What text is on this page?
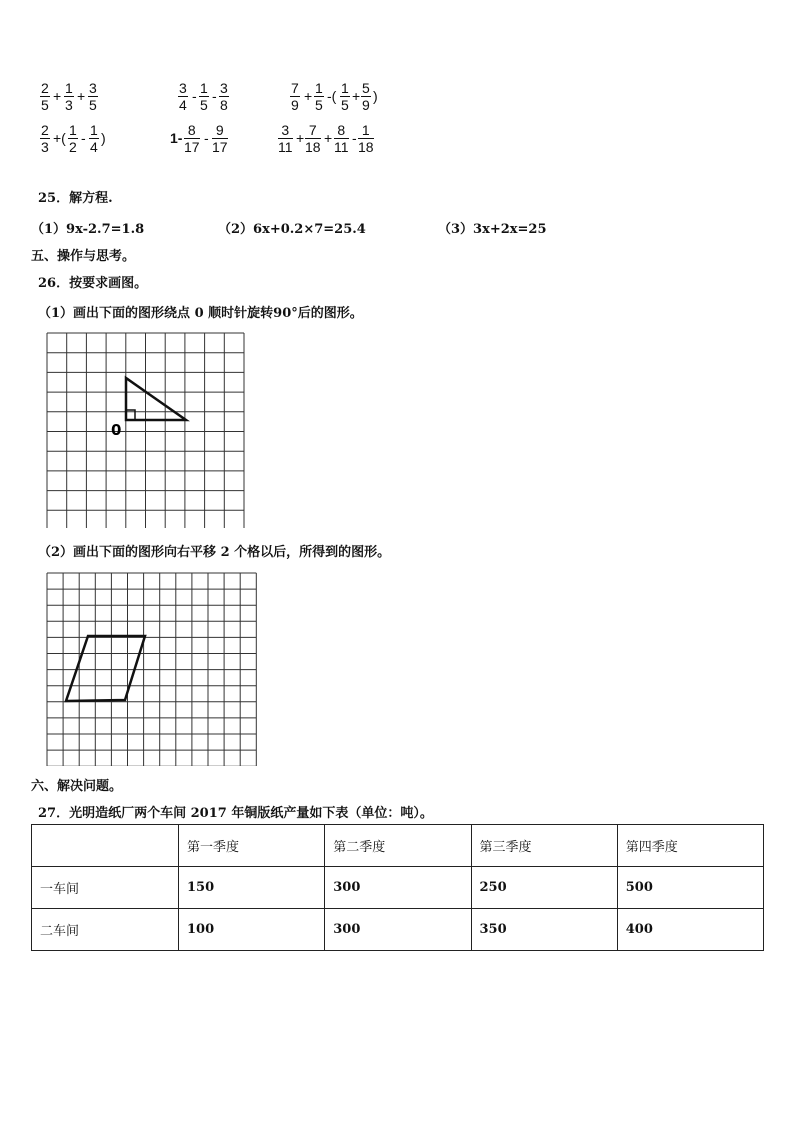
2
5
+ 1
3
+ 3
5
3
4
- 1
5
- 3
8
7
9
+ 1
5
-( 1
5
+ 5
9
)
2
3
+( 1
2
- 1
4
)	1- 8
17
- 9
17
3
11
+ 7
18
+ 8
11
- 1
18
25．解方程.
（1）9x-2.7=1.8	（2）6x+0.2×7=25.4	（3）3x+2x=25
五、操作与思考。
26．按要求画图。
（1）画出下面的图形绕点 0 顺时针旋转90°后的图形。
0
（2）画出下面的图形向右平移 2 个格以后，所得到的图形。
六、解决问题。
27．光明造纸厂两个车间 2017 年铜版纸产量如下表（单位：吨）。
	第一季度	第二季度	第三季度	第四季度
一车间	150	300	250	500
二车间	100	300	350	400
